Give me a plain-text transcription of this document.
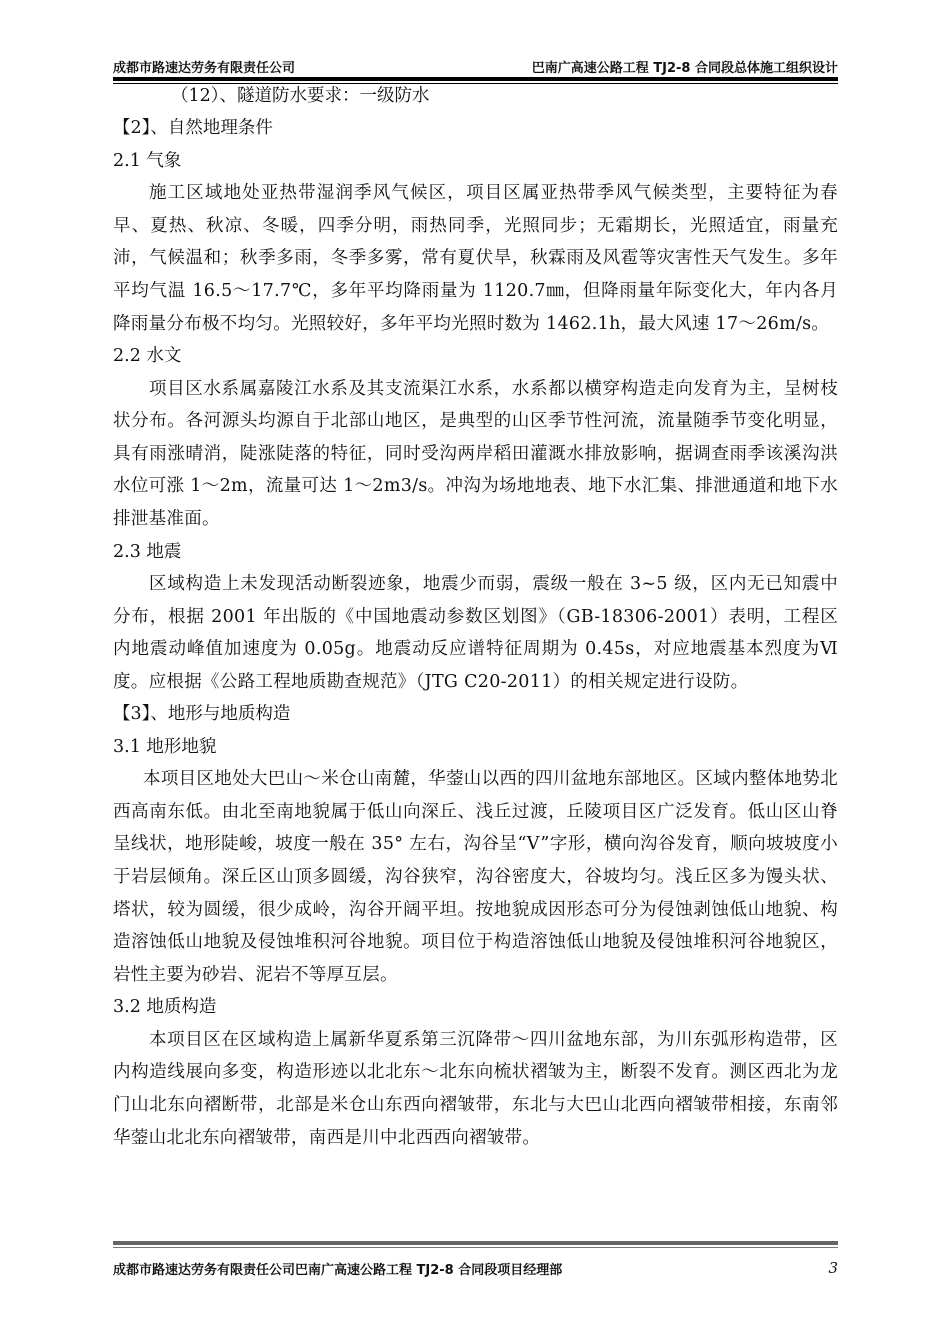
成都市路速达劳务有限责任公司	巴南广高速公路工程 TJ2-8 合同段总体施工组织设计
（12）、隧道防水要求：一级防水
【2】、自然地理条件
2.1 气象
施工区域地处亚热带湿润季风气候区，项目区属亚热带季风气候类型，主要特征为春早、夏热、秋凉、冬暖，四季分明，雨热同季，光照同步；无霜期长，光照适宜，雨量充沛，气候温和；秋季多雨，冬季多雾，常有夏伏旱，秋霖雨及风雹等灾害性天气发生。多年平均气温 16.5～17.7℃，多年平均降雨量为 1120.7㎜，但降雨量年际变化大，年内各月降雨量分布极不均匀。光照较好，多年平均光照时数为 1462.1h，最大风速 17～26m/s。
2.2 水文
项目区水系属嘉陵江水系及其支流渠江水系，水系都以横穿构造走向发育为主，呈树枝状分布。各河源头均源自于北部山地区，是典型的山区季节性河流，流量随季节变化明显，具有雨涨晴消，陡涨陡落的特征，同时受沟两岸稻田灌溉水排放影响，据调查雨季该溪沟洪水位可涨 1～2m，流量可达 1～2m3/s。冲沟为场地地表、地下水汇集、排泄通道和地下水排泄基准面。
2.3 地震
区域构造上未发现活动断裂迹象，地震少而弱，震级一般在 3~5 级，区内无已知震中分布，根据 2001 年出版的《中国地震动参数区划图》（GB-18306-2001）表明，工程区内地震动峰值加速度为 0.05g。地震动反应谱特征周期为 0.45s，对应地震基本烈度为Ⅵ度。应根据《公路工程地质勘查规范》（JTG C20-2011）的相关规定进行设防。
【3】、地形与地质构造
3.1 地形地貌
本项目区地处大巴山～米仓山南麓，华蓥山以西的四川盆地东部地区。区域内整体地势北西高南东低。由北至南地貌属于低山向深丘、浅丘过渡，丘陵项目区广泛发育。低山区山脊呈线状，地形陡峻，坡度一般在 35° 左右，沟谷呈“V”字形，横向沟谷发育，顺向坡坡度小于岩层倾角。深丘区山顶多圆缓，沟谷狭窄，沟谷密度大，谷坡均匀。浅丘区多为馒头状、塔状，较为圆缓，很少成岭，沟谷开阔平坦。按地貌成因形态可分为侵蚀剥蚀低山地貌、构造溶蚀低山地貌及侵蚀堆积河谷地貌。项目位于构造溶蚀低山地貌及侵蚀堆积河谷地貌区，岩性主要为砂岩、泥岩不等厚互层。
3.2 地质构造
本项目区在区域构造上属新华夏系第三沉降带～四川盆地东部，为川东弧形构造带，区内构造线展向多变，构造形迹以北北东～北东向梳状褶皱为主，断裂不发育。测区西北为龙门山北东向褶断带，北部是米仓山东西向褶皱带，东北与大巴山北西向褶皱带相接，东南邻华蓥山北北东向褶皱带，南西是川中北西西向褶皱带。
成都市路速达劳务有限责任公司巴南广高速公路工程 TJ2-8 合同段项目经理部	3
